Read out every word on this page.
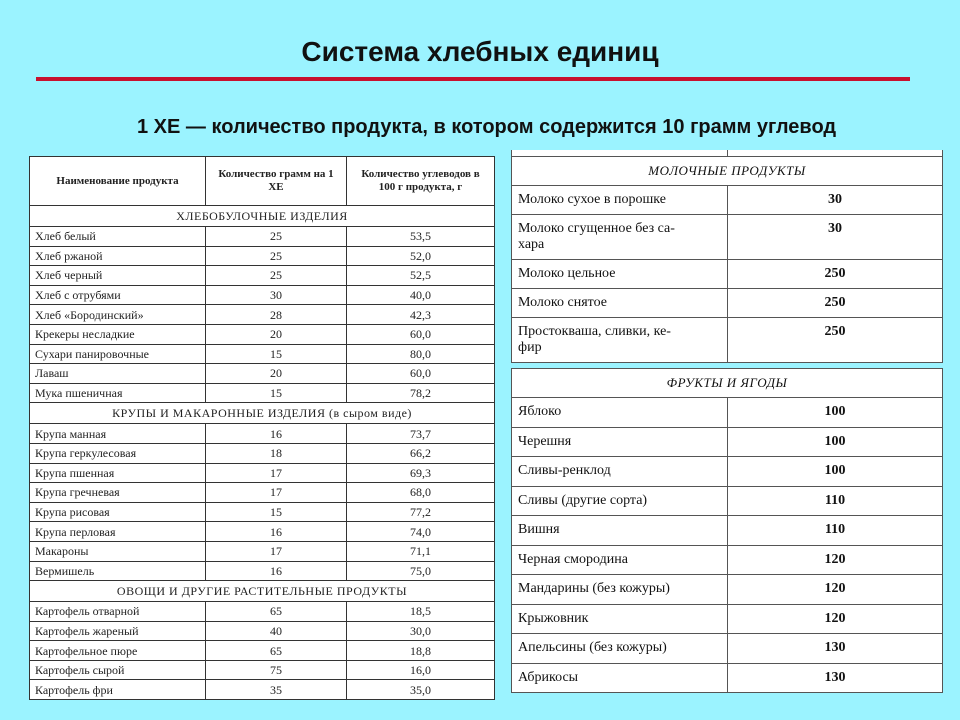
Система хлебных единиц
1 ХЕ — количество продукта, в котором содержится 10 грамм углевод
Наименование продукта	Количество грамм на 1 ХЕ	Количество углеводов в 100 г продукта, г
ХЛЕБОБУЛОЧНЫЕ ИЗДЕЛИЯ		
Хлеб белый	25	53,5
Хлеб ржаной	25	52,0
Хлеб черный	25	52,5
Хлеб с отрубями	30	40,0
Хлеб «Бородинский»	28	42,3
Крекеры несладкие	20	60,0
Сухари панировочные	15	80,0
Лаваш	20	60,0
Мука пшеничная	15	78,2
КРУПЫ И МАКАРОННЫЕ ИЗДЕЛИЯ (в сыром виде)		
Крупа манная	16	73,7
Крупа геркулесовая	18	66,2
Крупа пшенная	17	69,3
Крупа гречневая	17	68,0
Крупа рисовая	15	77,2
Крупа перловая	16	74,0
Макароны	17	71,1
Вермишель	16	75,0
ОВОЩИ И ДРУГИЕ РАСТИТЕЛЬНЫЕ ПРОДУКТЫ		
Картофель отварной	65	18,5
Картофель жареный	40	30,0
Картофельное пюре	65	18,8
Картофель сырой	75	16,0
Картофель фри	35	35,0

МОЛОЧНЫЕ ПРОДУКТЫ	
Молоко сухое в порошке	30
Молоко сгущенное без са-
хара	30
Молоко цельное	250
Молоко снятое	250
Простокваша, сливки, ке-
фир	250
ФРУКТЫ И ЯГОДЫ	
Яблоко	100
Черешня	100
Сливы-ренклод	100
Сливы (другие сорта)	110
Вишня	110
Черная смородина	120
Мандарины (без кожуры)	120
Крыжовник	120
Апельсины (без кожуры)	130
Абрикосы	130
